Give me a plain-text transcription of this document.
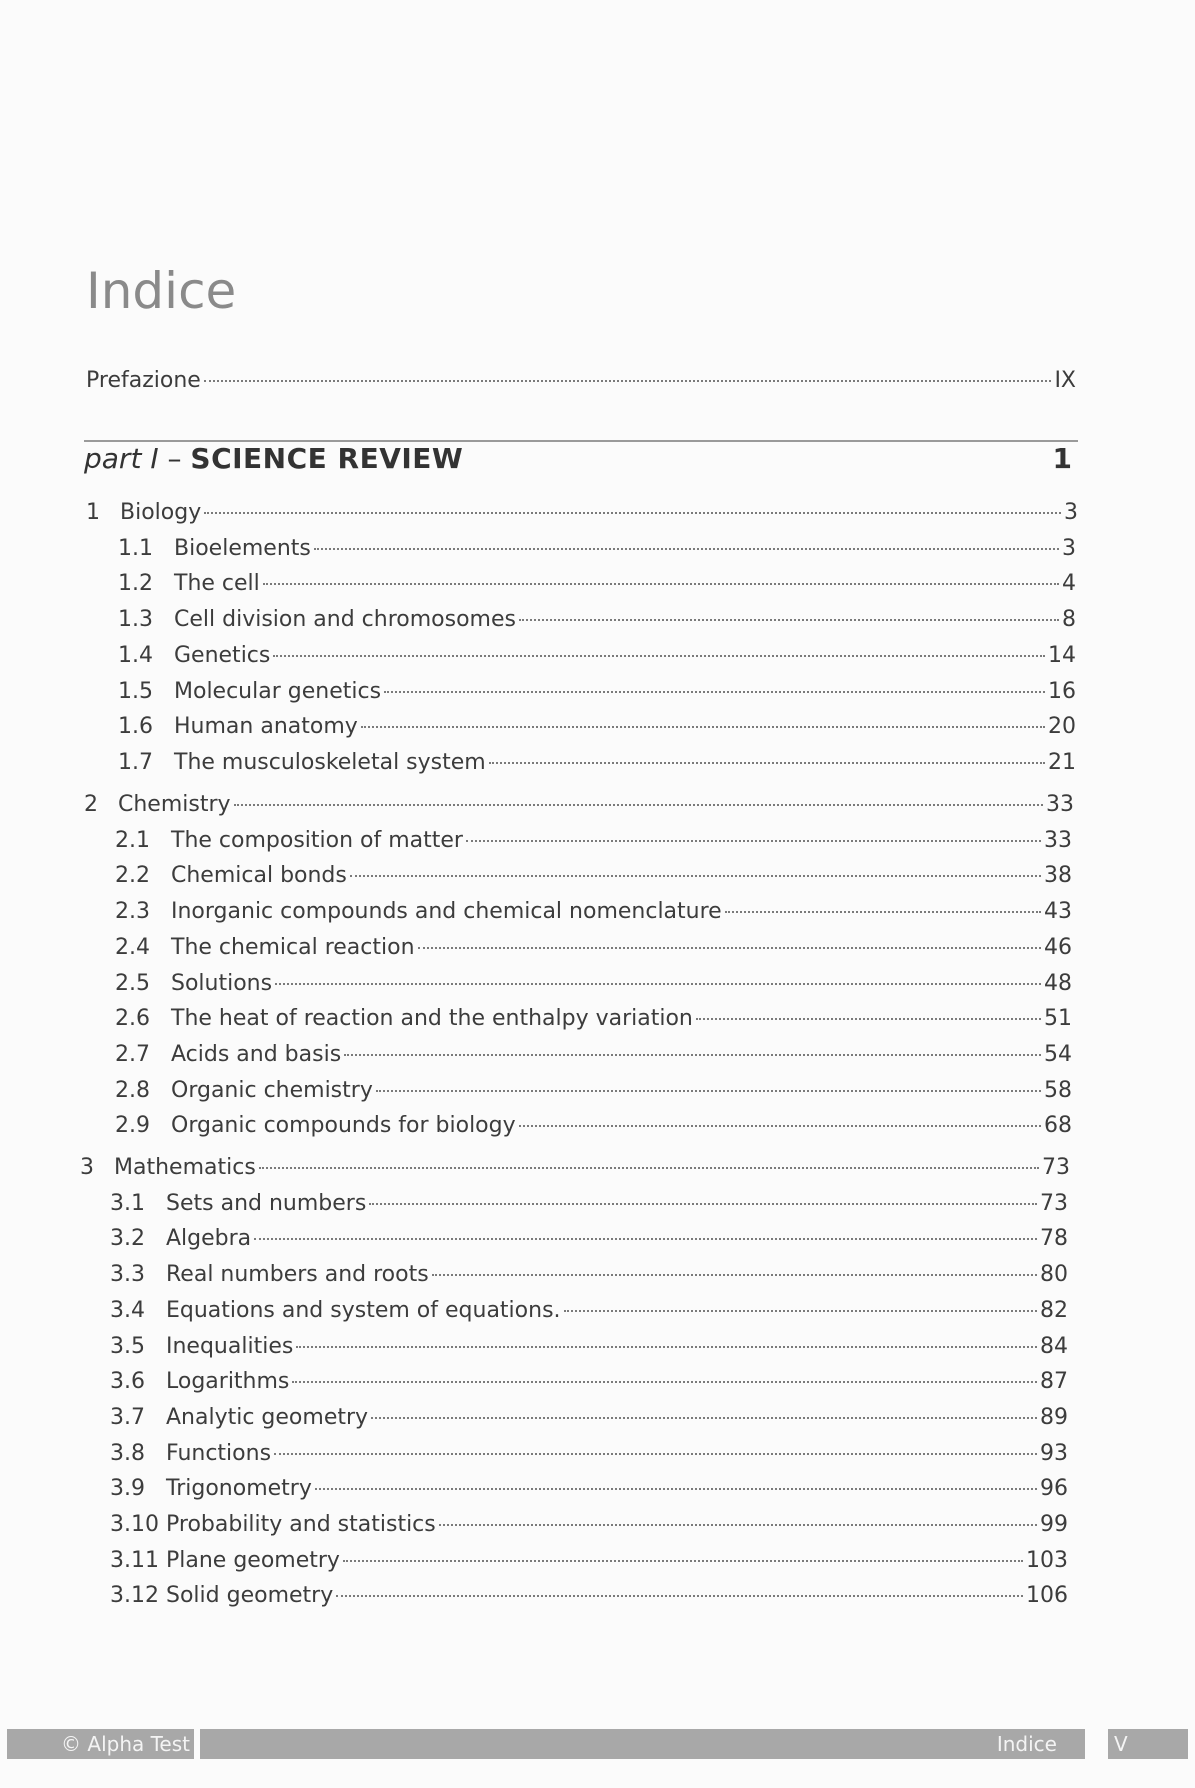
Indice
Prefazione	IX
part I – SCIENCE REVIEW	1
1 Biology	3
1.1 Bioelements	3
1.2 The cell	4
1.3 Cell division and chromosomes	8
1.4 Genetics	14
1.5 Molecular genetics	16
1.6 Human anatomy	20
1.7 The musculoskeletal system	21
2 Chemistry	33
2.1 The composition of matter	33
2.2 Chemical bonds	38
2.3 Inorganic compounds and chemical nomenclature	43
2.4 The chemical reaction	46
2.5 Solutions	48
2.6 The heat of reaction and the enthalpy variation	51
2.7 Acids and basis	54
2.8 Organic chemistry	58
2.9 Organic compounds for biology	68
3 Mathematics	73
3.1 Sets and numbers	73
3.2 Algebra	78
3.3 Real numbers and roots	80
3.4 Equations and system of equations.	82
3.5 Inequalities	84
3.6 Logarithms	87
3.7 Analytic geometry	89
3.8 Functions	93
3.9 Trigonometry	96
3.10 Probability and statistics	99
3.11 Plane geometry	103
3.12 Solid geometry	106
© Alpha Test	Indice	V
